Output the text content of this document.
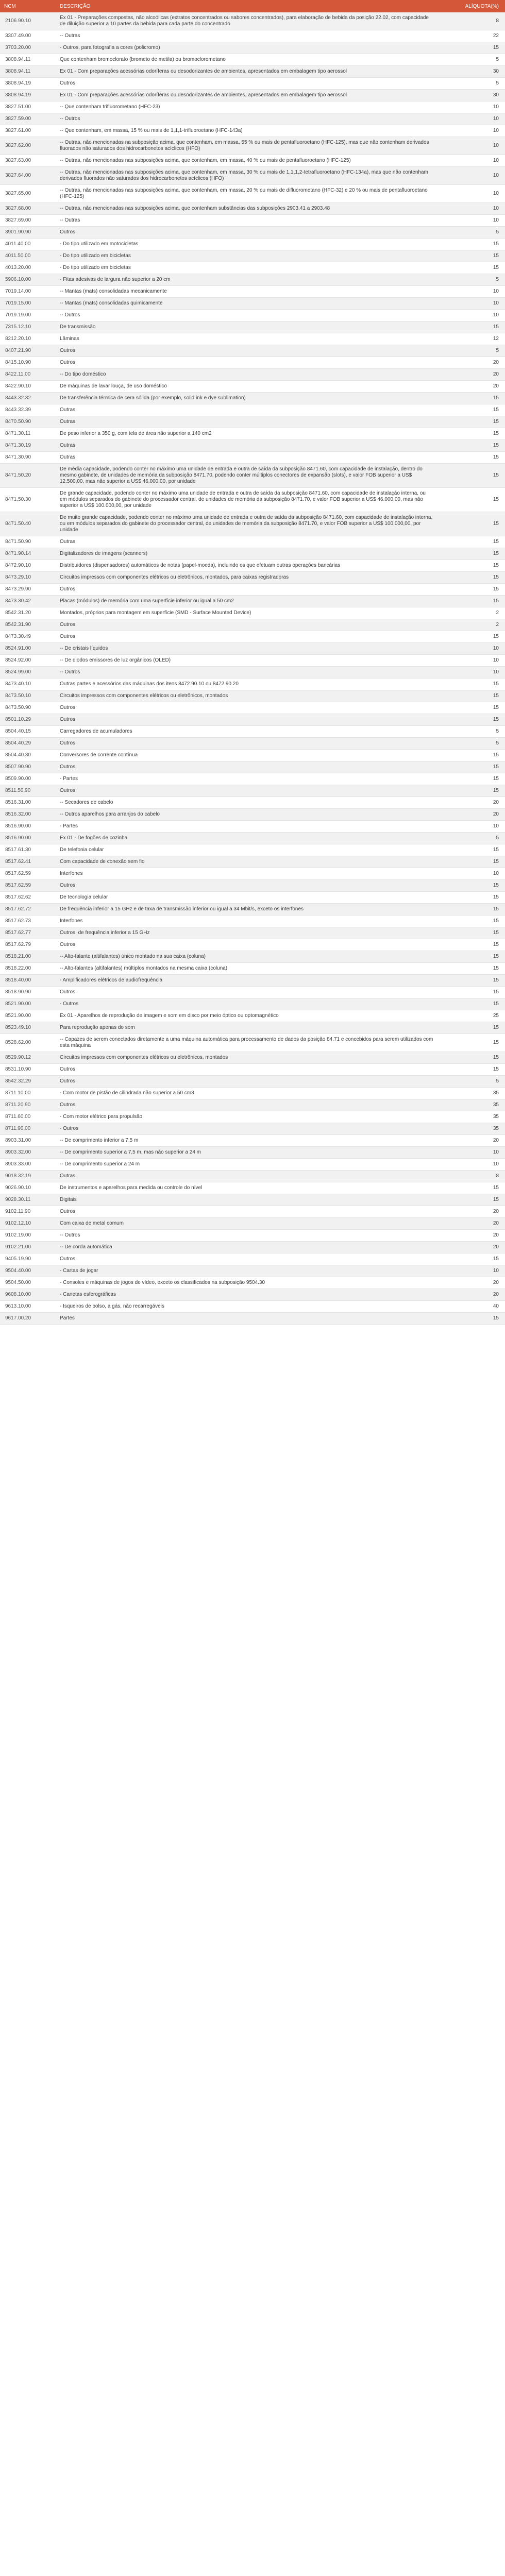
NCM	DESCRIÇÃO	ALÍQUOTA(%)
2106.90.10	Ex 01 - Preparações compostas, não alcoólicas (extratos concentrados ou sabores concentrados), para elaboração de bebida da posição 22.02, com capacidade de diluição superior a 10 partes da bebida para cada parte do concentrado	8
3307.49.00	-- Outras	22
3703.20.00	- Outros, para fotografia a cores (policromo)	15
3808.94.11	Que contenham bromoclorato (brometo de metila) ou bromoclorometano	5
3808.94.11	Ex 01 - Com preparações acessórias odoríferas ou desodorizantes de ambientes, apresentados em embalagem tipo aerossol	30
3808.94.19	Outros	5
3808.94.19	Ex 01 - Com preparações acessórias odoríferas ou desodorizantes de ambientes, apresentados em embalagem tipo aerossol	30
3827.51.00	-- Que contenham trifluorometano (HFC-23)	10
3827.59.00	-- Outros	10
3827.61.00	-- Que contenham, em massa, 15 % ou mais de 1,1,1-trifluoroetano (HFC-143a)	10
3827.62.00	-- Outras, não mencionadas na subposição acima, que contenham, em massa, 55 % ou mais de pentafluoroetano (HFC-125), mas que não contenham derivados fluorados não saturados dos hidrocarbonetos acíclicos (HFO)	10
3827.63.00	-- Outras, não mencionadas nas subposições acima, que contenham, em massa, 40 % ou mais de pentafluoroetano (HFC-125)	10
3827.64.00	-- Outras, não mencionadas nas subposições acima, que contenham, em massa, 30 % ou mais de 1,1,1,2-tetrafluoroetano (HFC-134a), mas que não contenham derivados fluorados não saturados dos hidrocarbonetos acíclicos (HFO)	10
3827.65.00	-- Outras, não mencionadas nas subposições acima, que contenham, em massa, 20 % ou mais de difluorometano (HFC-32) e 20 % ou mais de pentafluoroetano (HFC-125)	10
3827.68.00	-- Outras, não mencionadas nas subposições acima, que contenham substâncias das subposições 2903.41 a 2903.48	10
3827.69.00	-- Outras	10
3901.90.90	Outros	5
4011.40.00	- Do tipo utilizado em motocicletas	15
4011.50.00	- Do tipo utilizado em bicicletas	15
4013.20.00	- Do tipo utilizado em bicicletas	15
5906.10.00	- Fitas adesivas de largura não superior a 20 cm	5
7019.14.00	-- Mantas (mats) consolidadas mecanicamente	10
7019.15.00	-- Mantas (mats) consolidadas quimicamente	10
7019.19.00	-- Outros	10
7315.12.10	De transmissão	15
8212.20.10	Lâminas	12
8407.21.90	Outros	5
8415.10.90	Outros	20
8422.11.00	-- Do tipo doméstico	20
8422.90.10	De máquinas de lavar louça, de uso doméstico	20
8443.32.32	De transferência térmica de cera sólida (por exemplo, solid ink e dye sublimation)	15
8443.32.39	Outras	15
8470.50.90	Outras	15
8471.30.11	De peso inferior a 350 g, com tela de área não superior a 140 cm2	15
8471.30.19	Outras	15
8471.30.90	Outras	15
8471.50.20	De média capacidade, podendo conter no máximo uma unidade de entrada e outra de saída da subposição 8471.60, com capacidade de instalação, dentro do mesmo gabinete, de unidades de memória da subposição 8471.70, podendo conter múltiplos conectores de expansão (slots), e valor FOB superior a US$ 12.500,00, mas não superior a US$ 46.000,00, por unidade	15
8471.50.30	De grande capacidade, podendo conter no máximo uma unidade de entrada e outra de saída da subposição 8471.60, com capacidade de instalação interna, ou em módulos separados do gabinete do processador central, de unidades de memória da subposição 8471.70, e valor FOB superior a US$ 46.000,00, mas não superior a US$ 100.000,00, por unidade	15
8471.50.40	De muito grande capacidade, podendo conter no máximo uma unidade de entrada e outra de saída da subposição 8471.60, com capacidade de instalação interna, ou em módulos separados do gabinete do processador central, de unidades de memória da subposição 8471.70, e valor FOB superior a US$ 100.000,00, por unidade	15
8471.50.90	Outras	15
8471.90.14	Digitalizadores de imagens (scanners)	15
8472.90.10	Distribuidores (dispensadores) automáticos de notas (papel-moeda), incluindo os que efetuam outras operações bancárias	15
8473.29.10	Circuitos impressos com componentes elétricos ou eletrônicos, montados, para caixas registradoras	15
8473.29.90	Outros	15
8473.30.42	Placas (módulos) de memória com uma superfície inferior ou igual a 50 cm2	15
8542.31.20	Montados, próprios para montagem em superfície (SMD - Surface Mounted Device)	2
8542.31.90	Outros	2
8473.30.49	Outros	15
8524.91.00	-- De cristais líquidos	10
8524.92.00	-- De diodos emissores de luz orgânicos (OLED)	10
8524.99.00	-- Outros	10
8473.40.10	Outras partes e acessórios das máquinas dos itens 8472.90.10 ou 8472.90.20	15
8473.50.10	Circuitos impressos com componentes elétricos ou eletrônicos, montados	15
8473.50.90	Outros	15
8501.10.29	Outros	15
8504.40.15	Carregadores de acumuladores	5
8504.40.29	Outros	5
8504.40.30	Conversores de corrente contínua	15
8507.90.90	Outros	15
8509.90.00	- Partes	15
8511.50.90	Outros	15
8516.31.00	-- Secadores de cabelo	20
8516.32.00	-- Outros aparelhos para arranjos do cabelo	20
8516.90.00	- Partes	10
8516.90.00	Ex 01 - De fogões de cozinha	5
8517.61.30	De telefonia celular	15
8517.62.41	Com capacidade de conexão sem fio	15
8517.62.59	Interfones	10
8517.62.59	Outros	15
8517.62.62	De tecnologia celular	15
8517.62.72	De frequência inferior a 15 GHz e de taxa de transmissão inferior ou igual a 34 Mbit/s, exceto os interfones	15
8517.62.73	Interfones	15
8517.62.77	Outros, de frequência inferior a 15 GHz	15
8517.62.79	Outros	15
8518.21.00	-- Alto-falante (altifalantes) único montado na sua caixa (coluna)	15
8518.22.00	-- Alto-falantes (altifalantes) múltiplos montados na mesma caixa (coluna)	15
8518.40.00	- Amplificadores elétricos de audiofrequência	15
8518.90.90	Outros	15
8521.90.00	- Outros	15
8521.90.00	Ex 01 - Aparelhos de reprodução de imagem e som em disco por meio óptico ou optomagnético	25
8523.49.10	Para reprodução apenas do som	15
8528.62.00	-- Capazes de serem conectados diretamente a uma máquina automática para processamento de dados da posição 84.71 e concebidos para serem utilizados com esta máquina	15
8529.90.12	Circuitos impressos com componentes elétricos ou eletrônicos, montados	15
8531.10.90	Outros	15
8542.32.29	Outros	5
8711.10.00	- Com motor de pistão de cilindrada não superior a 50 cm3	35
8711.20.90	Outros	35
8711.60.00	- Com motor elétrico para propulsão	35
8711.90.00	- Outros	35
8903.31.00	-- De comprimento inferior a 7,5 m	20
8903.32.00	-- De comprimento superior a 7,5 m, mas não superior a 24 m	10
8903.33.00	-- De comprimento superior a 24 m	10
9018.32.19	Outras	8
9026.90.10	De instrumentos e aparelhos para medida ou controle do nível	15
9028.30.11	Digitais	15
9102.11.90	Outros	20
9102.12.10	Com caixa de metal comum	20
9102.19.00	-- Outros	20
9102.21.00	-- De corda automática	20
9405.19.90	Outros	15
9504.40.00	- Cartas de jogar	10
9504.50.00	- Consoles e máquinas de jogos de vídeo, exceto os classificados na subposição 9504.30	20
9608.10.00	- Canetas esferográficas	20
9613.10.00	- Isqueiros de bolso, a gás, não recarregáveis	40
9617.00.20	Partes	15
